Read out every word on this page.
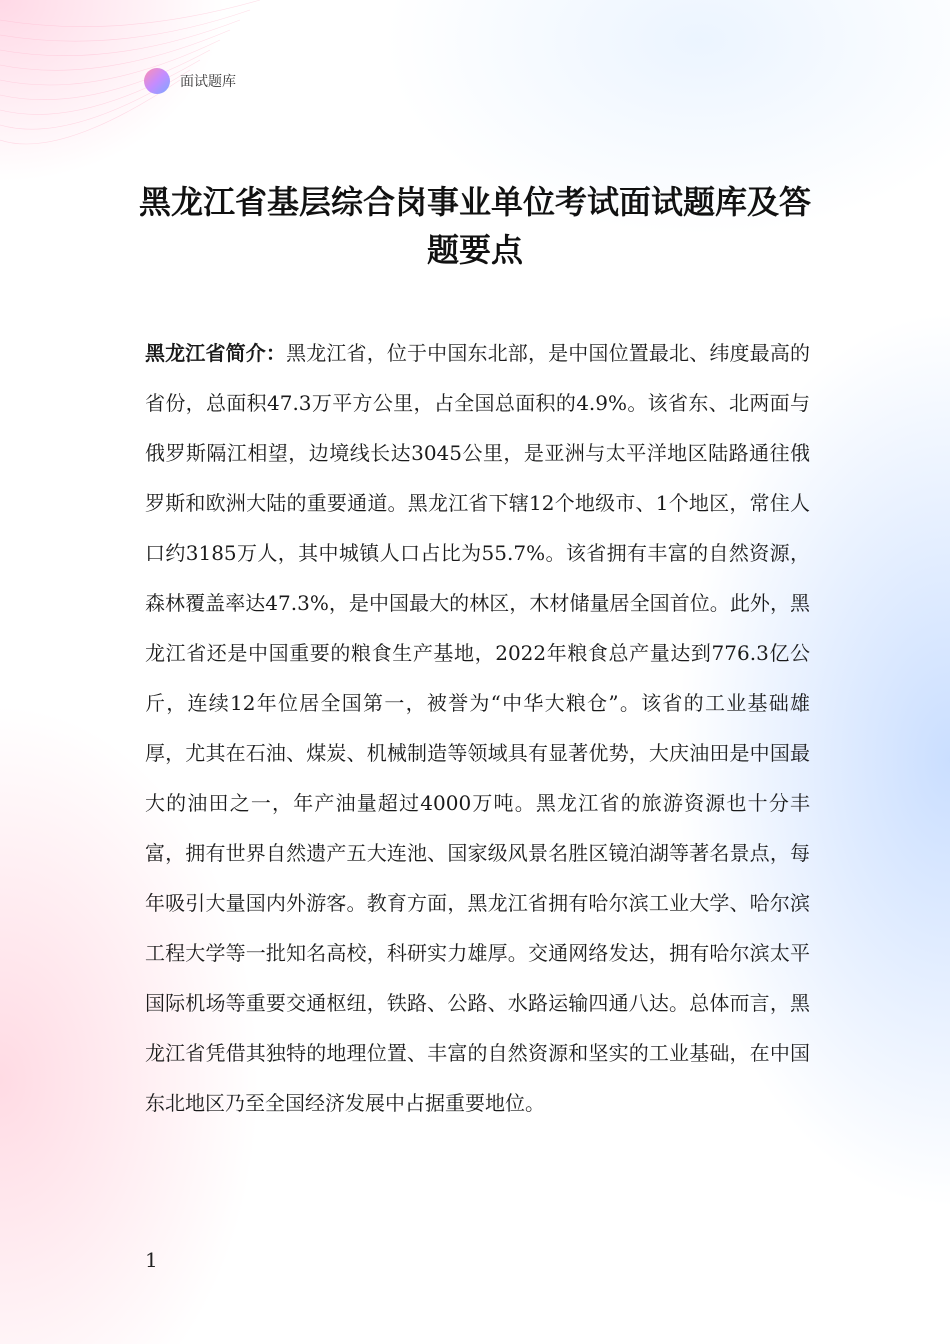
面试题库
黑龙江省基层综合岗事业单位考试面试题库及答题要点

黑龙江省简介：黑龙江省，位于中国东北部，是中国位置最北、纬度最高的省份，总面积47.3万平方公里，占全国总面积的4.9%。该省东、北两面与俄罗斯隔江相望，边境线长达3045公里，是亚洲与太平洋地区陆路通往俄罗斯和欧洲大陆的重要通道。黑龙江省下辖12个地级市、1个地区，常住人口约3185万人，其中城镇人口占比为55.7%。该省拥有丰富的自然资源，森林覆盖率达47.3%，是中国最大的林区，木材储量居全国首位。此外，黑龙江省还是中国重要的粮食生产基地，2022年粮食总产量达到776.3亿公斤，连续12年位居全国第一，被誉为“中华大粮仓”。该省的工业基础雄厚，尤其在石油、煤炭、机械制造等领域具有显著优势，大庆油田是中国最大的油田之一，年产油量超过4000万吨。黑龙江省的旅游资源也十分丰富，拥有世界自然遗产五大连池、国家级风景名胜区镜泊湖等著名景点，每年吸引大量国内外游客。教育方面，黑龙江省拥有哈尔滨工业大学、哈尔滨工程大学等一批知名高校，科研实力雄厚。交通网络发达，拥有哈尔滨太平国际机场等重要交通枢纽，铁路、公路、水路运输四通八达。总体而言，黑龙江省凭借其独特的地理位置、丰富的自然资源和坚实的工业基础，在中国东北地区乃至全国经济发展中占据重要地位。

1
